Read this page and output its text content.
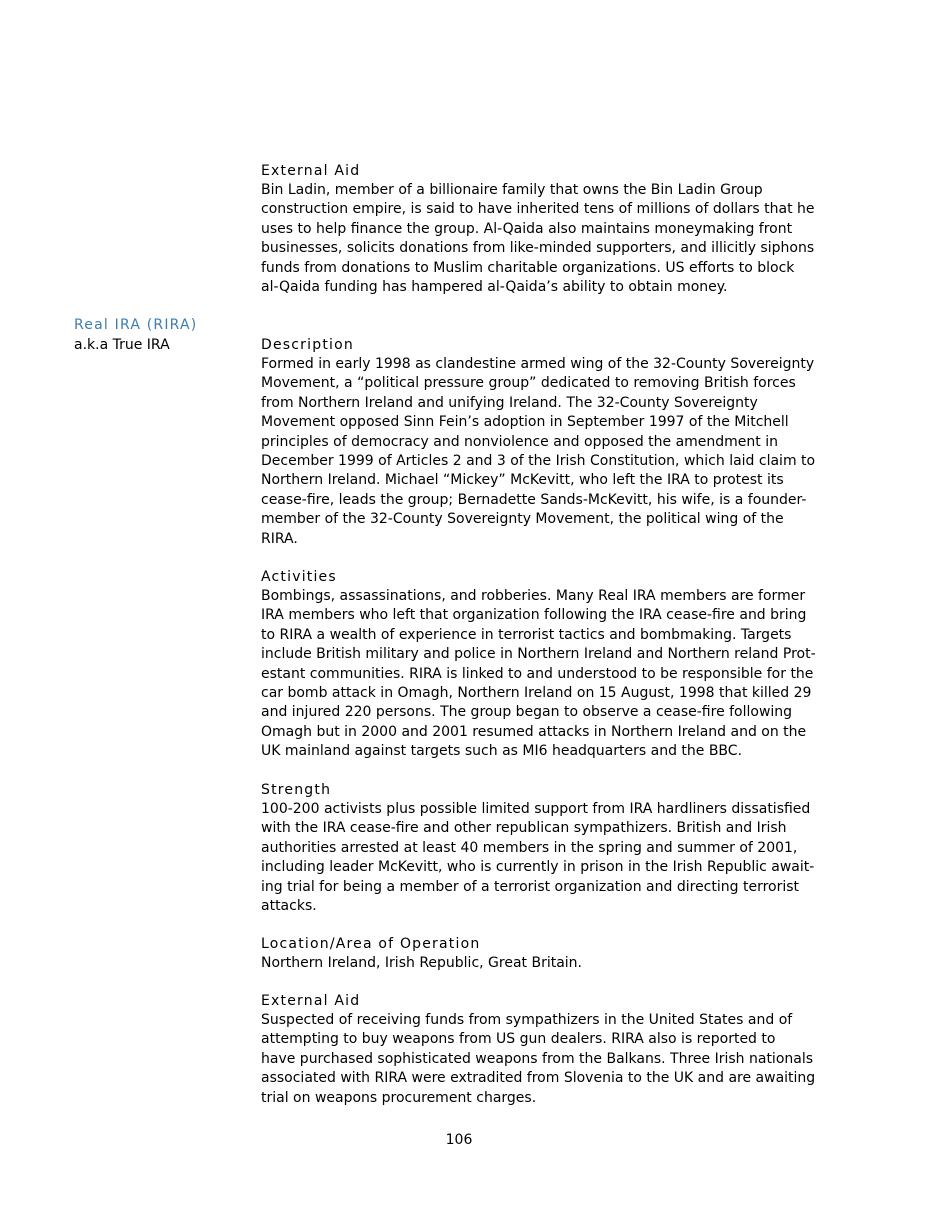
External Aid

Bin Ladin, member of a billionaire family that owns the Bin Ladin Group
construction empire, is said to have inherited tens of millions of dollars that he
uses to help finance the group. Al-Qaida also maintains moneymaking front
businesses, solicits donations from like-minded supporters, and illicitly siphons
funds from donations to Muslim charitable organizations. US efforts to block
al-Qaida funding has hampered al-Qaida’s ability to obtain money.

Real IRA (RIRA)

a.k.a True IRA	Description

Formed in early 1998 as clandestine armed wing of the 32-County Sovereignty
Movement, a “political pressure group” dedicated to removing British forces
from Northern Ireland and unifying Ireland. The 32-County Sovereignty
Movement opposed Sinn Fein’s adoption in September 1997 of the Mitchell
principles of democracy and nonviolence and opposed the amendment in
December 1999 of Articles 2 and 3 of the Irish Constitution, which laid claim to
Northern Ireland. Michael “Mickey” McKevitt, who left the IRA to protest its
cease-fire, leads the group; Bernadette Sands-McKevitt, his wife, is a founder-
member of the 32-County Sovereignty Movement, the political wing of the
RIRA.

Activities

Bombings, assassinations, and robberies. Many Real IRA members are former
IRA members who left that organization following the IRA cease-fire and bring
to RIRA a wealth of experience in terrorist tactics and bombmaking. Targets
include British military and police in Northern Ireland and Northern reland Prot-
estant communities. RIRA is linked to and understood to be responsible for the
car bomb attack in Omagh, Northern Ireland on 15 August, 1998 that killed 29
and injured 220 persons. The group began to observe a cease-fire following
Omagh but in 2000 and 2001 resumed attacks in Northern Ireland and on the
UK mainland against targets such as MI6 headquarters and the BBC.

Strength

100-200 activists plus possible limited support from IRA hardliners dissatisfied
with the IRA cease-fire and other republican sympathizers. British and Irish
authorities arrested at least 40 members in the spring and summer of 2001,
including leader McKevitt, who is currently in prison in the Irish Republic await-
ing trial for being a member of a terrorist organization and directing terrorist
attacks.

Location/Area of Operation

Northern Ireland, Irish Republic, Great Britain.

External Aid

Suspected of receiving funds from sympathizers in the United States and of
attempting to buy weapons from US gun dealers. RIRA also is reported to
have purchased sophisticated weapons from the Balkans. Three Irish nationals
associated with RIRA were extradited from Slovenia to the UK and are awaiting
trial on weapons procurement charges.

106
